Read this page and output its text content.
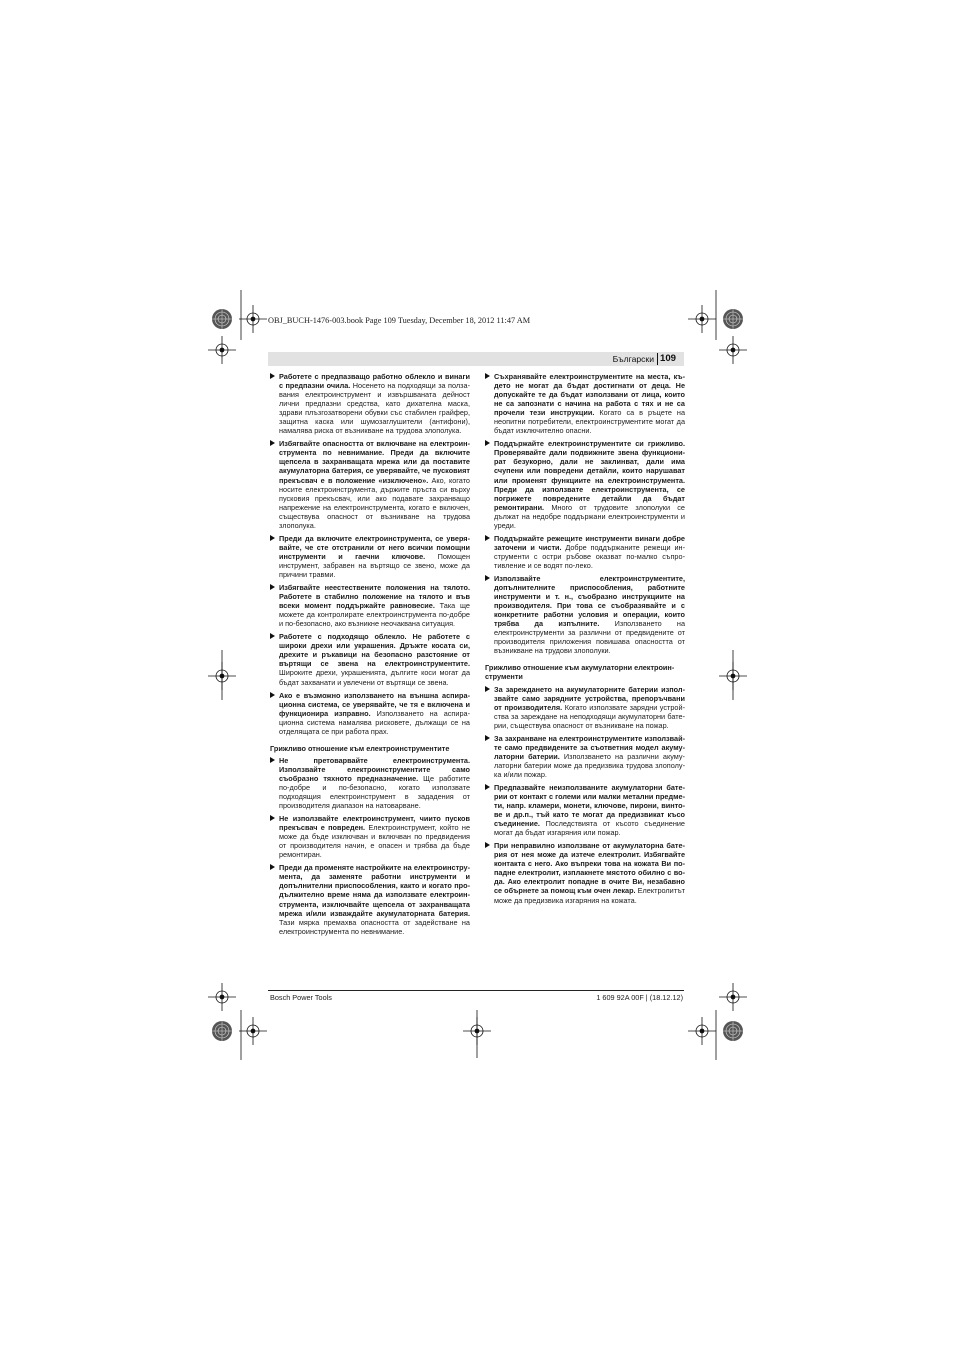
OBJ_BUCH-1476-003.book Page 109 Tuesday, December 18, 2012 11:47 AM
Български 109
Работете с предпазващо работно облекло и винаги с предпазни очила. Носенето на подходящи за ползавания електроинструмент и извършваната дейност лични предпазни средства, като дихателна маска, здрави плъзгозатворени обувки със стабилен грайфер, защитна каска или шумозаглушители (антифони), намалява риска от възникване на трудова злополука.
Избягвайте опасността от включване на електроинструмента по невнимание. Преди да включите щепсела в захранващата мрежа или да поставите акумулаторна батерия, се уверявайте, че пусковият прекъсвач е в положение «изключено». Ако, когато носите електроинструмента, държите пръста си върху пусковия прекъсвач, или ако подавате захранващо напрежение на електроинструмента, когато е включен, съществува опасност от възникване на трудова злополука.
Преди да включите електроинструмента, се уверявайте, че сте отстранили от него всички помощни инструменти и гаечни ключове. Помощен инструмент, забравен на въртящо се звено, може да причини травми.
Избягвайте неестествените положения на тялото. Работете в стабилно положение на тялото и във всеки момент поддържайте равновесие. Така ще можете да контролирате електроинструмента по-добре и по-безопасно, ако възникне неочаквана ситуация.
Работете с подходящо облекло. Не работете с широки дрехи или украшения. Дръжте косата си, дрехите и ръкавици на безопасно разстояние от въртящи се звена на електроинструментите. Широките дрехи, украшенията, дългите коси могат да бъдат захванати и увлечени от въртящи се звена.
Ако е възможно използването на външна аспирационна система, се уверявайте, че тя е включена и функционира изправно. Използването на аспирационна система намалява рисковете, дължащи се на отделящата се при работа прах.
Грижливо отношение към електроинструментите
Не претоварвайте електроинструмента. Използвайте електроинструментите само съобразно тяхното предназначение. Ще работите по-добре и по-безопасно, когато използвате подходящия електроинструмент в зададения от производителя диапазон на натоварване.
Не използвайте електроинструмент, чиито пусков прекъсвач е повреден. Електроинструмент, който не може да бъде изключван и включван по предвидения от производителя начин, е опасен и трябва да бъде ремонтиран.
Преди да променяте настройките на електроинструмента, да заменяте работни инструменти и допълнителни приспособления, както и когато продължително време няма да използвате електроинструмента, изключвайте щепсела от захранващата мрежа и/или изваждайте акумулаторната батерия. Тази мярка премахва опасността от задействане на електроинструмента по невнимание.
Съхранявайте електроинструментите на места, където не могат да бъдат достигнати от деца. Не допускайте те да бъдат използвани от лица, които не са запознати с начина на работа с тях и не са прочели тези инструкции. Когато са в ръцете на неопитни потребители, електроинструментите могат да бъдат изключително опасни.
Поддържайте електроинструментите си грижливо. Проверявайте дали подвижните звена функционират безукорно, дали не заклинват, дали има счупени или повредени детайли, които нарушават или променят функциите на електроинструмента. Преди да използвате електроинструмента, се погрижете повредените детайли да бъдат ремонтирани. Много от трудовите злополуки се дължат на недобре поддържани електроинструменти и уреди.
Поддържайте режещите инструменти винаги добре заточени и чисти. Добре поддържаните режещи инструменти с остри ръбове оказват по-малко съпротивление и се водят по-леко.
Използвайте електроинструментите, допълнителните приспособления, работните инструменти и т. н., съобразно инструкциите на производителя. При това се съобразявайте и с конкретните работни условия и операции, които трябва да изпълните. Използването на електроинструменти за различни от предвидените от производителя приложения повишава опасността от възникване на трудови злополуки.
Грижливо отношение към акумулаторни електроинструменти
За зареждането на акумулаторните батерии използвайте само зарядните устройства, препоръчвани от производителя. Когато използвате зарядни устройства за зареждане на неподходящи акумулаторни батерии, съществува опасност от възникване на пожар.
За захранване на електроинструментите използвайте само предвидените за съответния модел акумулаторни батерии. Използването на различни акумулаторни батерии може да предизвика трудова злополука и/или пожар.
Предпазвайте неизползваните акумулаторни батерии от контакт с големи или малки метални предмети, напр. кламери, монети, ключове, пирони, винтове и др.п., тъй като те могат да предизвикат късо съединение. Последствията от късото съединение могат да бъдат изгаряния или пожар.
При неправилно използване от акумулаторна батерия от нея може да изтече електролит. Избягвайте контакта с него. Ако въпреки това на кожата Ви попадне електролит, изплакнете мястото обилно с вода. Ако електролит попадне в очите Ви, незабавно се обърнете за помощ към очен лекар. Електролитът може да предизвика изгаряния на кожата.
Bosch Power Tools	1 609 92A 00F | (18.12.12)
